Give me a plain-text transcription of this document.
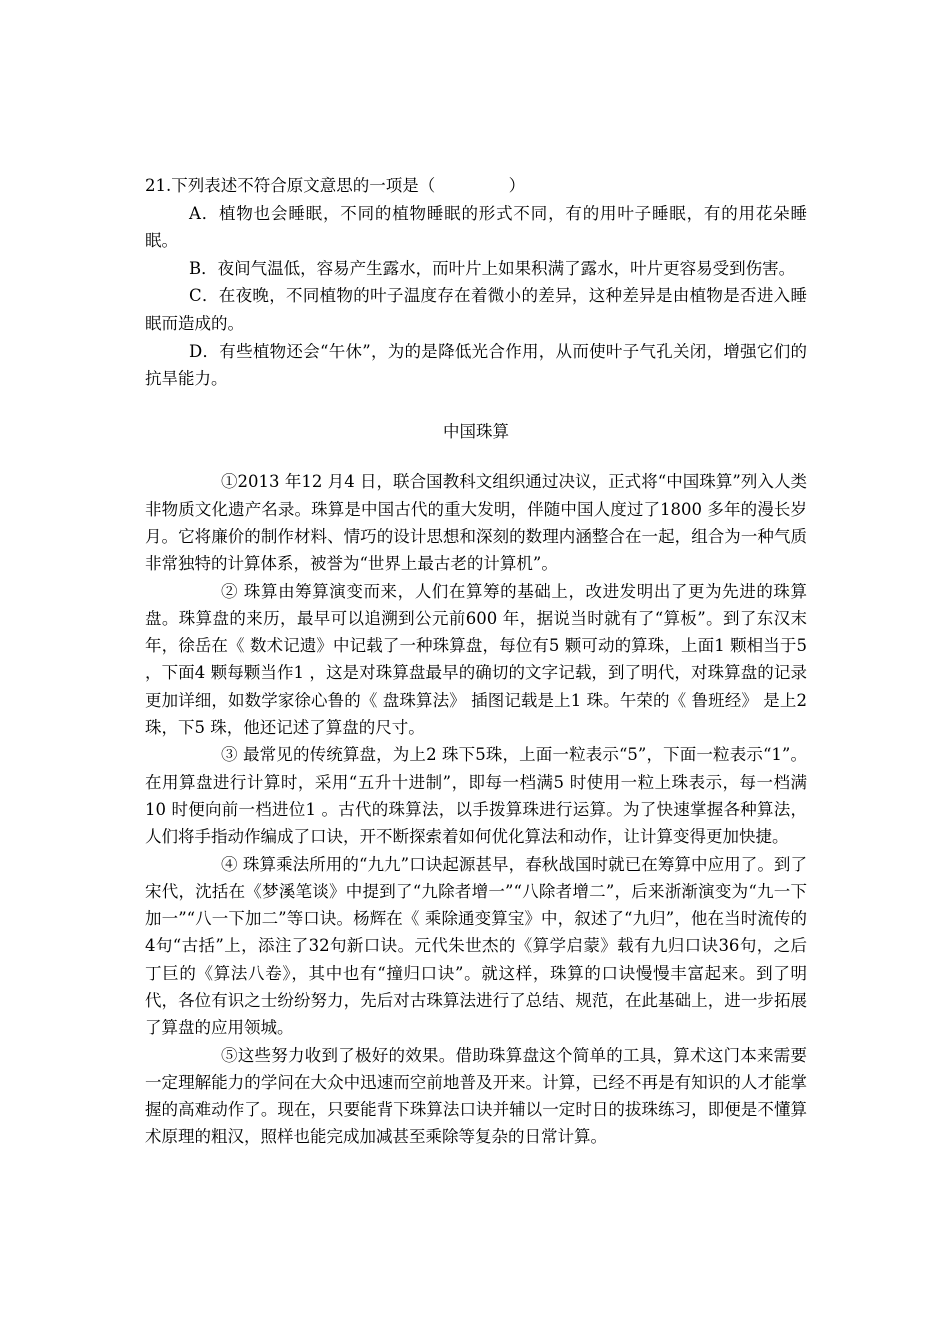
21.下列表述不符合原文意思的一项是（              ）

A．植物也会睡眠，不同的植物睡眠的形式不同，有的用叶子睡眠，有的用花朵睡眠。

B．夜间气温低，容易产生露水，而叶片上如果积满了露水，叶片更容易受到伤害。

C．在夜晚，不同植物的叶子温度存在着微小的差异，这种差异是由植物是否进入睡眠而造成的。

D．有些植物还会“午休”，为的是降低光合作用，从而使叶子气孔关闭，增强它们的抗旱能力。

中国珠算

①2013 年12 月4 日，联合国教科文组织通过决议，正式将“中国珠算”列入人类非物质文化遗产名录。珠算是中国古代的重大发明，伴随中国人度过了1800 多年的漫长岁月。它将廉价的制作材料、情巧的设计思想和深刻的数理内涵整合在一起，组合为一种气质非常独特的计算体系，被誉为“世界上最古老的计算机”。

② 珠算由筹算演变而来，人们在算筹的基础上，改进发明出了更为先进的珠算盘。珠算盘的来历，最早可以追溯到公元前600 年，据说当时就有了“算板”。到了东汉末年，徐岳在《 数术记遗》中记载了一种珠算盘，每位有5 颗可动的算珠，上面1 颗相当于5 ，下面4 颗每颗当作1 ，这是对珠算盘最早的确切的文字记载，到了明代，对珠算盘的记录更加详细，如数学家徐心鲁的《 盘珠算法》 插图记载是上1 珠。午荣的《 鲁班经》 是上2 珠，下5 珠，他还记述了算盘的尺寸。

③ 最常见的传统算盘，为上2 珠下5珠，上面一粒表示“5”，下面一粒表示“1”。在用算盘进行计算时，采用“五升十进制”，即每一档满5 时使用一粒上珠表示，每一档满10 时便向前一档进位1 。古代的珠算法，以手拨算珠进行运算。为了快速掌握各种算法，人们将手指动作编成了口诀，开不断探索着如何优化算法和动作，让计算变得更加快捷。

④ 珠算乘法所用的“九九”口诀起源甚早，春秋战国时就已在筹算中应用了。到了宋代，沈括在《梦溪笔谈》中提到了“九除者增一”“八除者增二”，后来浙渐演变为“九一下加一”“八一下加二”等口诀。杨辉在《 乘除通变算宝》中，叙述了“九归”，他在当时流传的4句“古括”上，添注了32句新口诀。元代朱世杰的《算学启蒙》载有九归口诀36句，之后丁巨的《算法八卷》，其中也有“撞归口诀”。就这样，珠算的口诀慢慢丰富起来。到了明代，各位有识之士纷纷努力，先后对古珠算法进行了总结、规范，在此基础上，进一步拓展了算盘的应用领城。

⑤这些努力收到了极好的效果。借助珠算盘这个简单的工具，算术这门本来需要一定理解能力的学问在大众中迅速而空前地普及开来。计算，已经不再是有知识的人才能掌握的高难动作了。现在，只要能背下珠算法口诀并辅以一定时日的拔珠练习，即便是不懂算术原理的粗汉，照样也能完成加减甚至乘除等复杂的日常计算。
